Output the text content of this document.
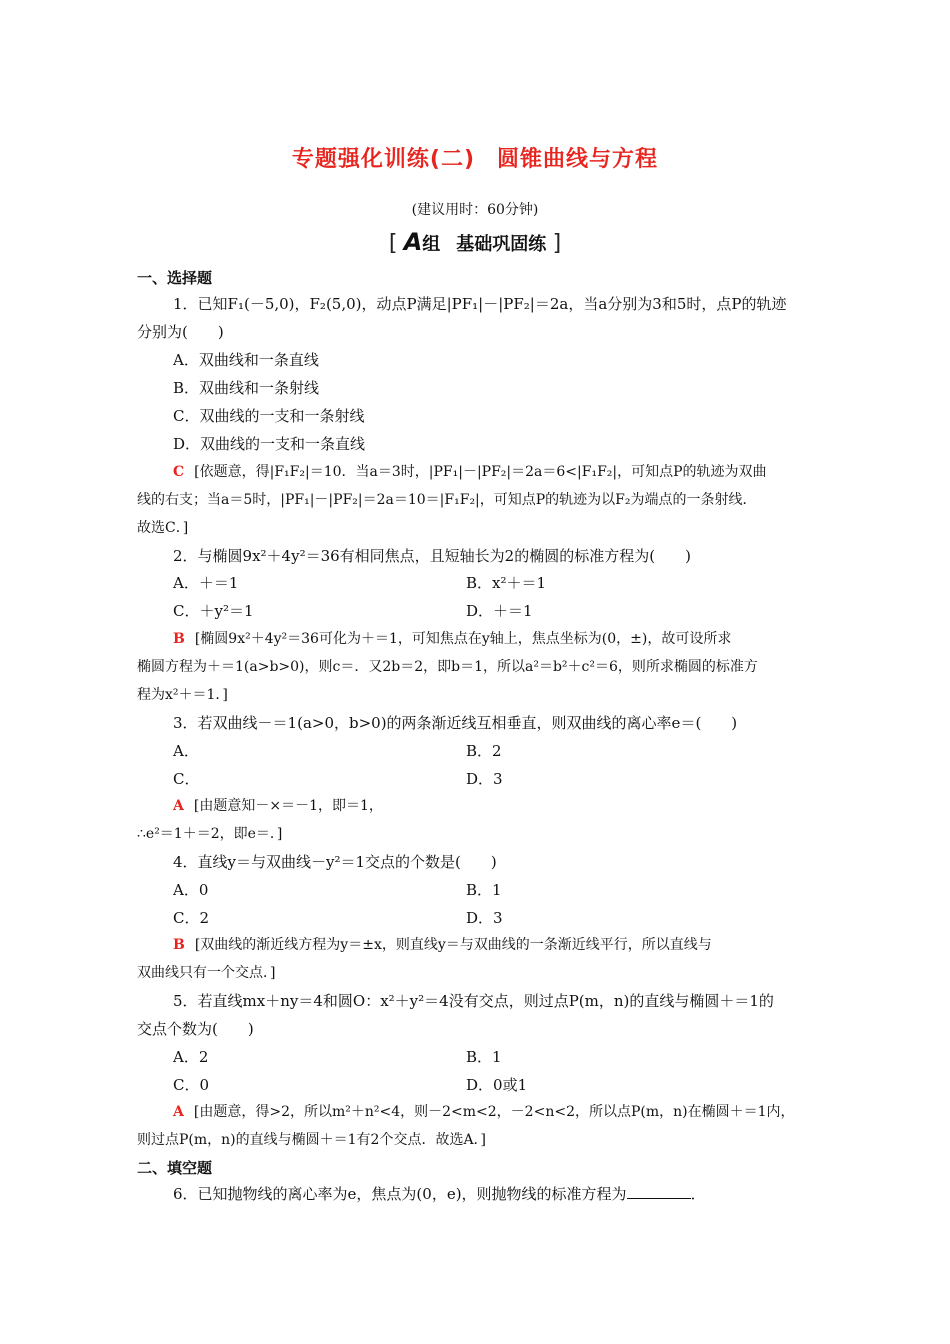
专题强化训练(二) 圆锥曲线与方程
(建议用时：60分钟)
[ A组 基础巩固练 ]
一、选择题
1．已知F₁(－5,0)，F₂(5,0)，动点P满足|PF₁|－|PF₂|＝2a，当a分别为3和5时，点P的轨迹
分别为(　　)
A．双曲线和一条直线
B．双曲线和一条射线
C．双曲线的一支和一条射线
D．双曲线的一支和一条直线
C [依题意，得|F₁F₂|＝10．当a＝3时，|PF₁|－|PF₂|＝2a＝6<|F₁F₂|，可知点P的轨迹为双曲
线的右支；当a＝5时，|PF₁|－|PF₂|＝2a＝10＝|F₁F₂|，可知点P的轨迹为以F₂为端点的一条射线．
故选C．]
2．与椭圆9x²＋4y²＝36有相同焦点，且短轴长为2的椭圆的标准方程为(　　)
A．＋＝1	B．x²＋＝1
C．＋y²＝1	D．＋＝1
B [椭圆9x²＋4y²＝36可化为＋＝1，可知焦点在y轴上，焦点坐标为(0，±)，故可设所求
椭圆方程为＋＝1(a>b>0)，则c＝．又2b＝2，即b＝1，所以a²＝b²＋c²＝6，则所求椭圆的标准方
程为x²＋＝1．]
3．若双曲线－＝1(a>0，b>0)的两条渐近线互相垂直，则双曲线的离心率e＝(　　)
A．	B．2
C．	D．3
A [由题意知－×＝－1，即＝1，
∴e²＝1＋＝2，即e＝．]
4．直线y＝与双曲线－y²＝1交点的个数是(　　)
A．0	B．1
C．2	D．3
B [双曲线的渐近线方程为y＝±x，则直线y＝与双曲线的一条渐近线平行，所以直线与
双曲线只有一个交点．]
5．若直线mx＋ny＝4和圆O：x²＋y²＝4没有交点，则过点P(m，n)的直线与椭圆＋＝1的
交点个数为(　　)
A．2	B．1
C．0	D．0或1
A [由题意，得>2，所以m²＋n²<4，则－2<m<2，－2<n<2，所以点P(m，n)在椭圆＋＝1内，
则过点P(m，n)的直线与椭圆＋＝1有2个交点．故选A．]
二、填空题
6．已知抛物线的离心率为e，焦点为(0，e)，则抛物线的标准方程为	．
